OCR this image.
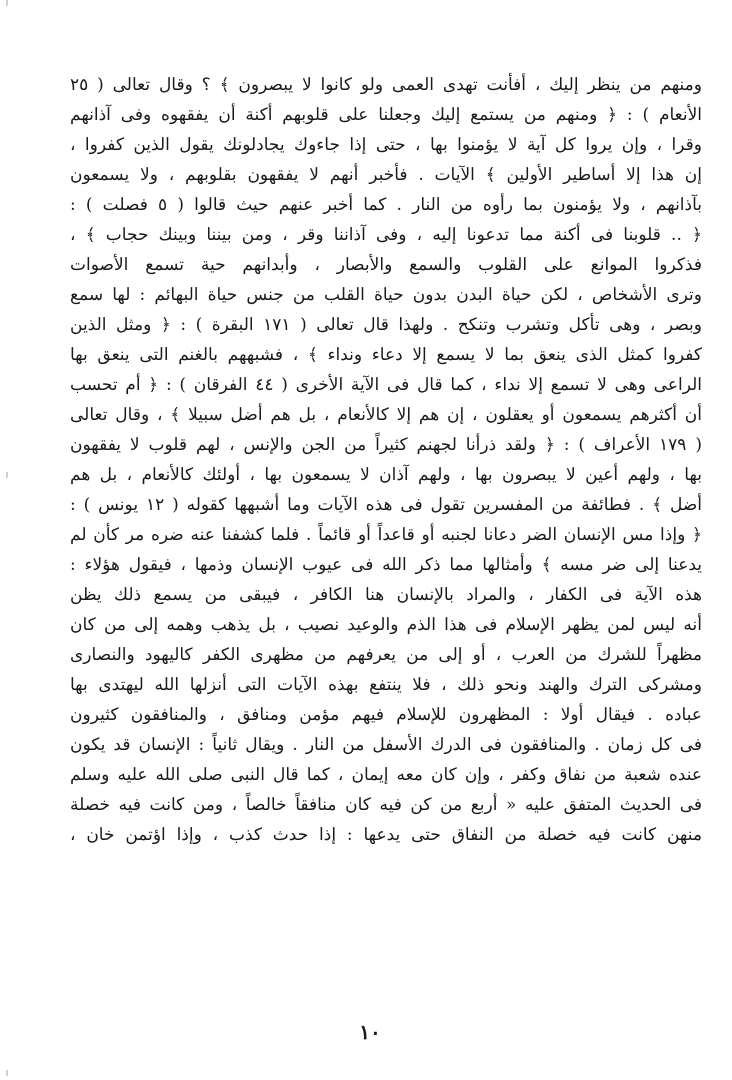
ومنهم من ينظر إليك ، أفأنت تهدى العمى ولو كانوا لا يبصرون ﴾ ؟ وقال تعالى ( ٢٥
الأنعام ) : ﴿ ومنهم من يستمع إليك وجعلنا على قلوبهم أكنة أن يفقهوه وفى آذانهم
وقرا ، وإن يروا كل آية لا يؤمنوا بها ، حتى إذا جاءوك يجادلونك يقول الذين كفروا ،
إن هذا إلا أساطير الأولين ﴾ الآيات . فأخبر أنهم لا يفقهون بقلوبهم ، ولا يسمعون
بآذانهم ، ولا يؤمنون بما رأوه من النار . كما أخبر عنهم حيث قالوا ( ٥ فصلت ) :
﴿ .. قلوبنا فى أكنة مما تدعونا إليه ، وفى آذاننا وقر ، ومن بيننا وبينك حجاب ﴾ ،
فذكروا الموانع على القلوب والسمع والأبصار ، وأبدانهم حية تسمع الأصوات
وترى الأشخاص ، لكن حياة البدن بدون حياة القلب من جنس حياة البهائم : لها سمع
وبصر ، وهى تأكل وتشرب وتنكح . ولهذا قال تعالى ( ١٧١ البقرة ) : ﴿ ومثل الذين
كفروا كمثل الذى ينعق بما لا يسمع إلا دعاء ونداء ﴾ ، فشبههم بالغنم التى ينعق بها
الراعى وهى لا تسمع إلا نداء ، كما قال فى الآية الأخرى ( ٤٤ الفرقان ) : ﴿ أم تحسب
أن أكثرهم يسمعون أو يعقلون ، إن هم إلا كالأنعام ، بل هم أضل سبيلا ﴾ ، وقال تعالى
( ١٧٩ الأعراف ) : ﴿ ولقد ذرأنا لجهنم كثيراً من الجن والإنس ، لهم قلوب لا يفقهون
بها ، ولهم أعين لا يبصرون بها ، ولهم آذان لا يسمعون بها ، أولئك كالأنعام ، بل هم
أضل ﴾ . فطائفة من المفسرين تقول فى هذه الآيات وما أشبهها كقوله ( ١٢ يونس ) :
﴿ وإذا مس الإنسان الضر دعانا لجنبه أو قاعداً أو قائماً . فلما كشفنا عنه ضره مر كأن لم
يدعنا إلى ضر مسه ﴾ وأمثالها مما ذكر الله فى عيوب الإنسان وذمها ، فيقول هؤلاء :
هذه الآية فى الكفار ، والمراد بالإنسان هنا الكافر ، فيبقى من يسمع ذلك يظن
أنه ليس لمن يظهر الإسلام فى هذا الذم والوعيد نصيب ، بل يذهب وهمه إلى من كان
مظهراً للشرك من العرب ، أو إلى من يعرفهم من مظهرى الكفر كاليهود والنصارى
ومشركى الترك والهند ونحو ذلك ، فلا ينتفع بهذه الآيات التى أنزلها الله ليهتدى بها
عباده . فيقال أولا : المظهرون للإسلام فيهم مؤمن ومنافق ، والمنافقون كثيرون
فى كل زمان . والمنافقون فى الدرك الأسفل من النار . ويقال ثانياً : الإنسان قد يكون
عنده شعبة من نفاق وكفر ، وإن كان معه إيمان ، كما قال النبى صلى الله عليه وسلم
فى الحديث المتفق عليه « أربع من كن فيه كان منافقاً خالصاً ، ومن كانت فيه خصلة
منهن كانت فيه خصلة من النفاق حتى يدعها : إذا حدث كذب ، وإذا اؤتمن خان ،
١٠
